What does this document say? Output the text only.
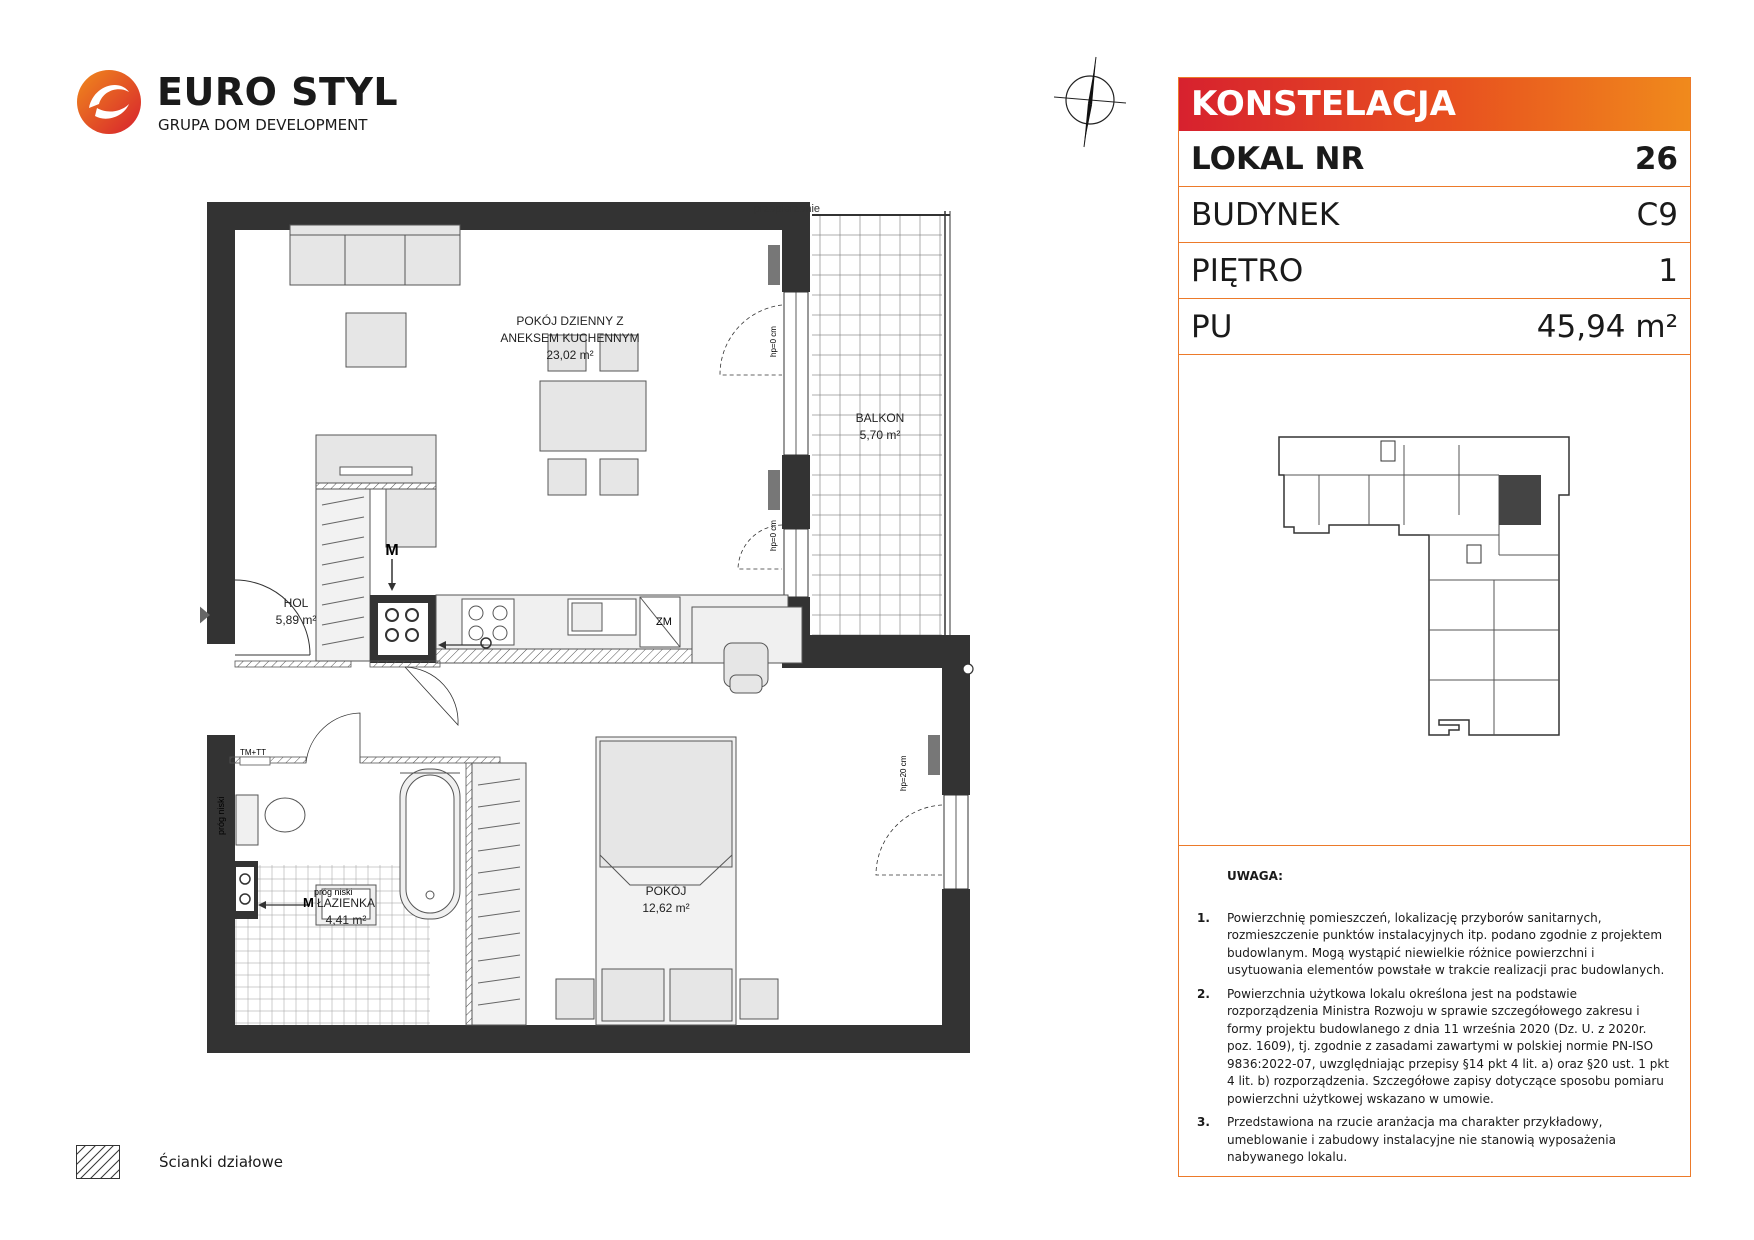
EURO STYL
GRUPA DOM DEVELOPMENT
M
ZM
TM+TT
próg niski
próg niski
M
przepierzenie
hp=0 cm
hp=0 cm
hp=20 cm
POKÓJ DZIENNY Z
ANEKSEM KUCHENNYM
23,02 m²
BALKON
5,70 m²
HOL
5,89 m²
ŁAZIENKA
4,41 m²
POKÓJ
12,62 m²
KONSTELACJA
LOKAL NR	26
BUDYNEK	C9
PIĘTRO	1
PU	45,94 m²
UWAGA:
1.	Powierzchnię pomieszczeń, lokalizację przyborów sanitarnych, rozmieszczenie punktów instalacyjnych itp. podano zgodnie z projektem budowlanym. Mogą wystąpić niewielkie różnice powierzchni i usytuowania elementów powstałe w trakcie realizacji prac budowlanych.
2.	Powierzchnia użytkowa lokalu określona jest na podstawie rozporządzenia Ministra Rozwoju w sprawie szczegółowego zakresu i formy projektu budowlanego z dnia 11 września 2020 (Dz. U. z 2020r. poz. 1609), tj. zgodnie z zasadami zawartymi w polskiej normie PN-ISO 9836:2022-07, uwzględniając przepisy §14 pkt 4 lit. a) oraz §20 ust. 1 pkt 4 lit. b) rozporządzenia. Szczegółowe zapisy dotyczące sposobu pomiaru powierzchni użytkowej wskazano w umowie.
3.	Przedstawiona na rzucie aranżacja ma charakter przykładowy, umeblowanie i zabudowy instalacyjne nie stanowią wyposażenia nabywanego lokalu.
Ścianki działowe
